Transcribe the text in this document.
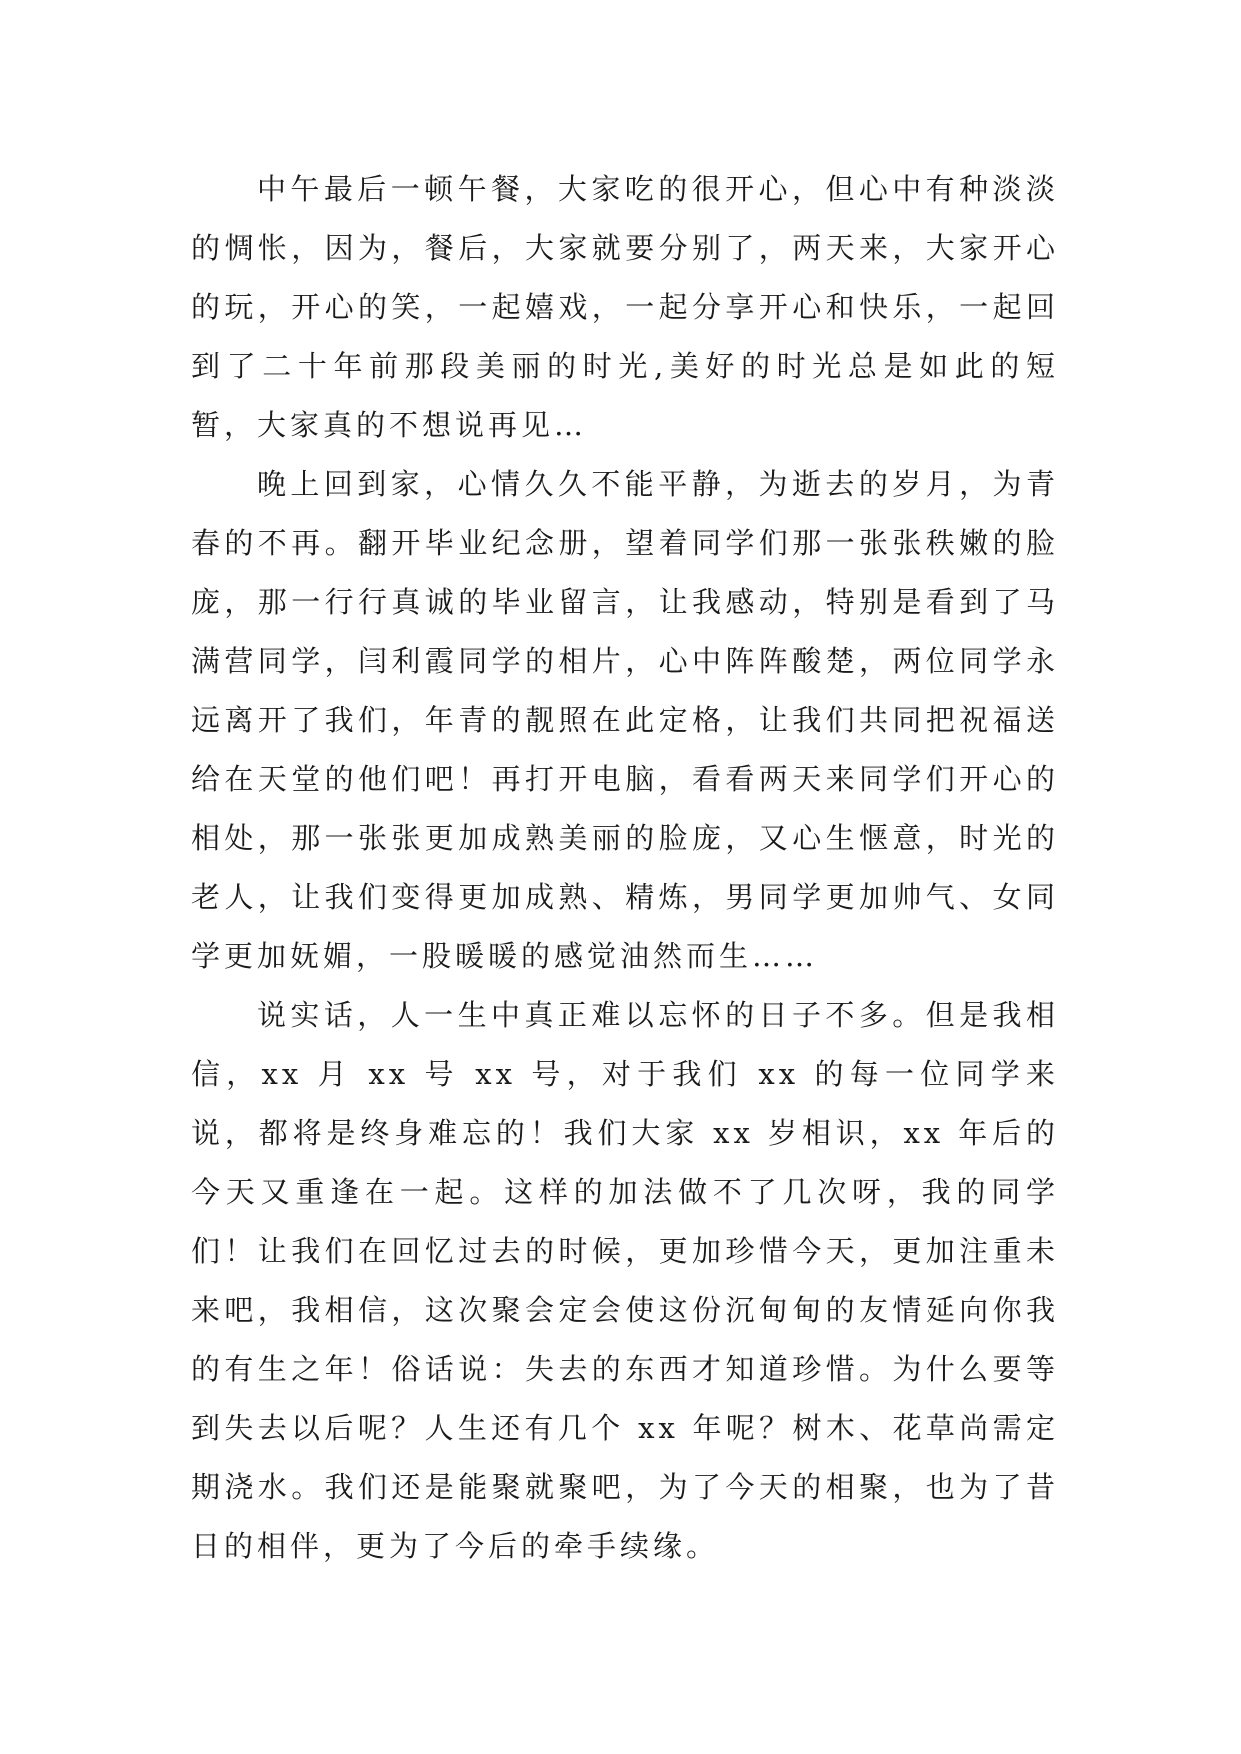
中午最后一顿午餐，大家吃的很开心，但心中有种淡淡的惆怅，因为，餐后，大家就要分别了，两天来，大家开心的玩，开心的笑，一起嬉戏，一起分享开心和快乐，一起回到了二十年前那段美丽的时光,美好的时光总是如此的短暂，大家真的不想说再见…

晚上回到家，心情久久不能平静，为逝去的岁月，为青春的不再。翻开毕业纪念册，望着同学们那一张张秩嫩的脸庞，那一行行真诚的毕业留言，让我感动，特别是看到了马满营同学，闫利霞同学的相片，心中阵阵酸楚，两位同学永远离开了我们，年青的靓照在此定格，让我们共同把祝福送给在天堂的他们吧！再打开电脑，看看两天来同学们开心的相处，那一张张更加成熟美丽的脸庞，又心生惬意，时光的老人，让我们变得更加成熟、精炼，男同学更加帅气、女同学更加妩媚，一股暖暖的感觉油然而生……

说实话，人一生中真正难以忘怀的日子不多。但是我相信，xx 月 xx 号 xx 号，对于我们 xx 的每一位同学来说，都将是终身难忘的！我们大家 xx 岁相识，xx 年后的今天又重逢在一起。这样的加法做不了几次呀，我的同学们！让我们在回忆过去的时候，更加珍惜今天，更加注重未来吧，我相信，这次聚会定会使这份沉甸甸的友情延向你我的有生之年！俗话说：失去的东西才知道珍惜。为什么要等到失去以后呢？人生还有几个 xx 年呢？树木、花草尚需定期浇水。我们还是能聚就聚吧，为了今天的相聚，也为了昔日的相伴，更为了今后的牵手续缘。
